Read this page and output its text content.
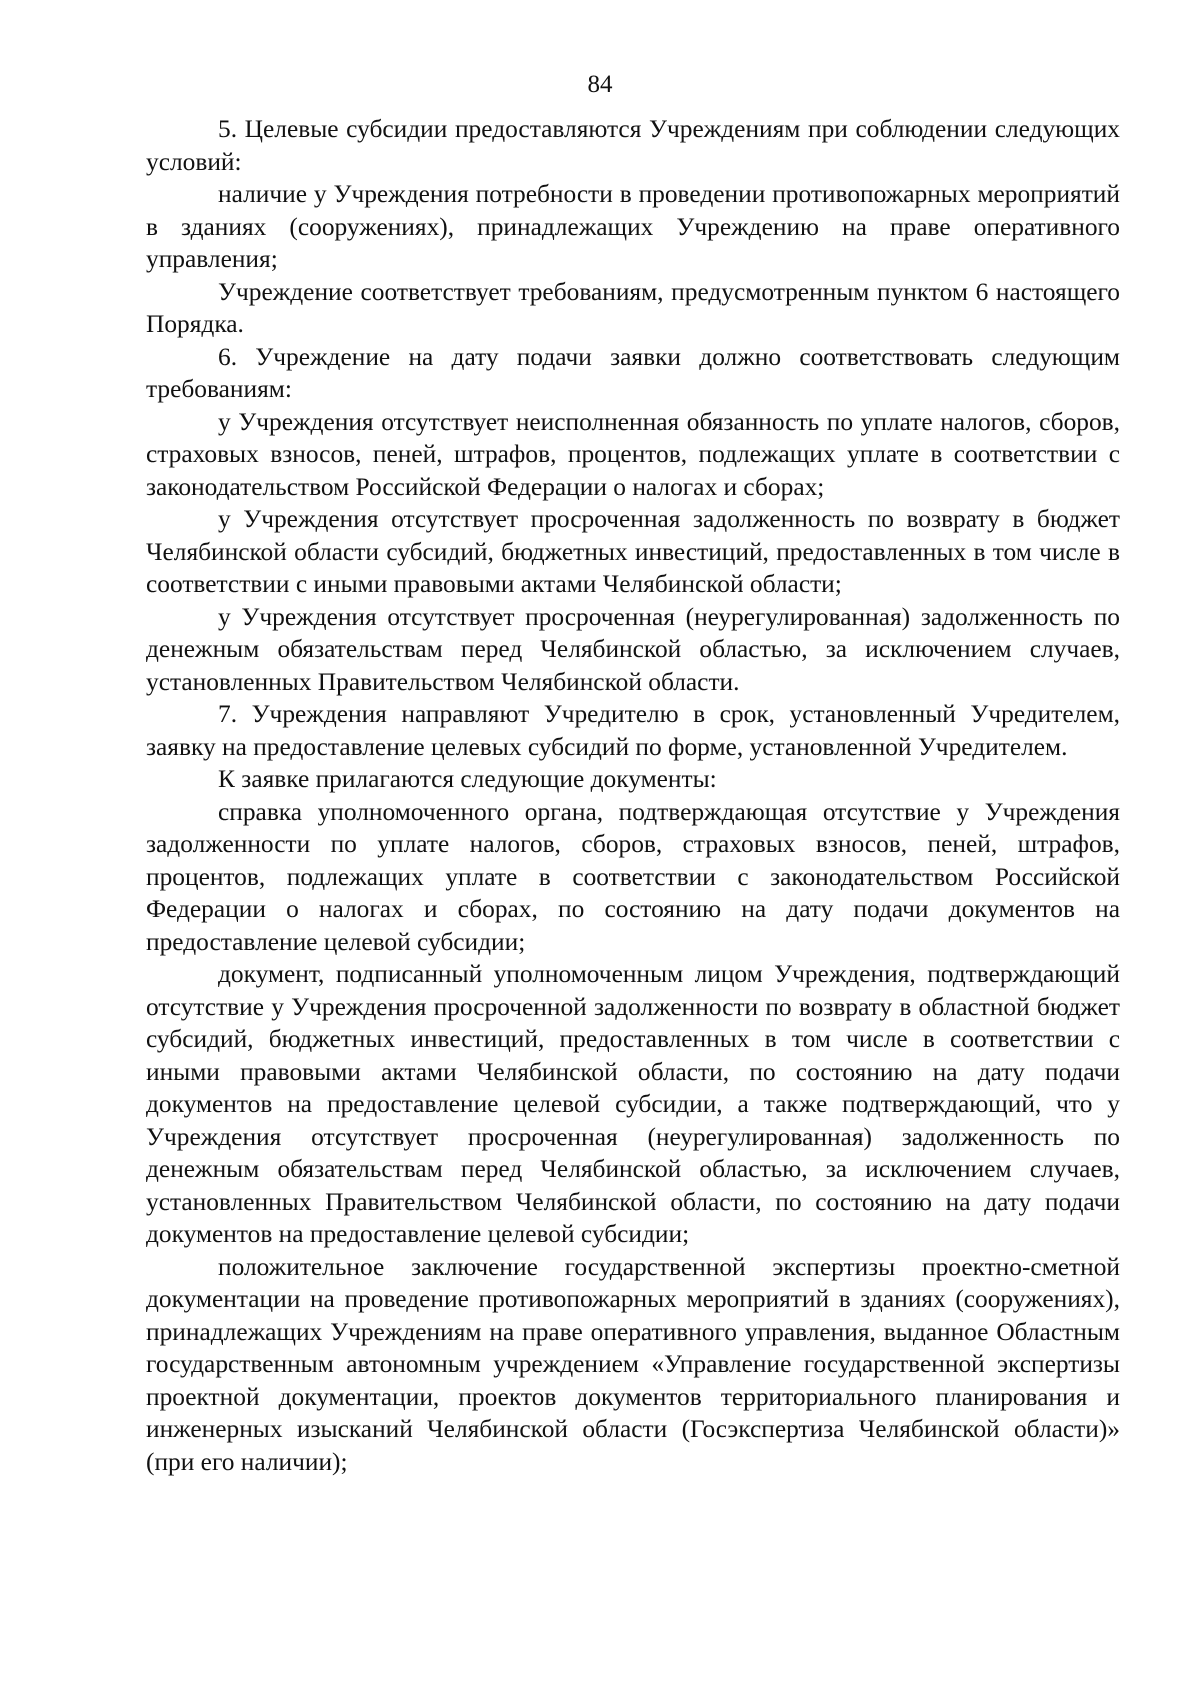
84

5. Целевые субсидии предоставляются Учреждениям при соблюдении следующих условий:

наличие у Учреждения потребности в проведении противопожарных мероприятий в зданиях (сооружениях), принадлежащих Учреждению на праве оперативного управления;

Учреждение соответствует требованиям, предусмотренным пунктом 6 настоящего Порядка.

6. Учреждение на дату подачи заявки должно соответствовать следующим требованиям:

у Учреждения отсутствует неисполненная обязанность по уплате налогов, сборов, страховых взносов, пеней, штрафов, процентов, подлежащих уплате в соответствии с законодательством Российской Федерации о налогах и сборах;

у Учреждения отсутствует просроченная задолженность по возврату в бюджет Челябинской области субсидий, бюджетных инвестиций, предоставленных в том числе в соответствии с иными правовыми актами Челябинской области;

у Учреждения отсутствует просроченная (неурегулированная) задолженность по денежным обязательствам перед Челябинской областью, за исключением случаев, установленных Правительством Челябинской области.

7. Учреждения направляют Учредителю в срок, установленный Учредителем, заявку на предоставление целевых субсидий по форме, установленной Учредителем.

К заявке прилагаются следующие документы:

справка уполномоченного органа, подтверждающая отсутствие у Учреждения задолженности по уплате налогов, сборов, страховых взносов, пеней, штрафов, процентов, подлежащих уплате в соответствии с законодательством Российской Федерации о налогах и сборах, по состоянию на дату подачи документов на предоставление целевой субсидии;

документ, подписанный уполномоченным лицом Учреждения, подтверждающий отсутствие у Учреждения просроченной задолженности по возврату в областной бюджет субсидий, бюджетных инвестиций, предоставленных в том числе в соответствии с иными правовыми актами Челябинской области, по состоянию на дату подачи документов на предоставление целевой субсидии, а также подтверждающий, что у Учреждения отсутствует просроченная (неурегулированная) задолженность по денежным обязательствам перед Челябинской областью, за исключением случаев, установленных Правительством Челябинской области, по состоянию на дату подачи документов на предоставление целевой субсидии;

положительное заключение государственной экспертизы проектно-сметной документации на проведение противопожарных мероприятий в зданиях (сооружениях), принадлежащих Учреждениям на праве оперативного управления, выданное Областным государственным автономным учреждением «Управление государственной экспертизы проектной документации, проектов документов территориального планирования и инженерных изысканий Челябинской области (Госэкспертиза Челябинской области)» (при его наличии);
